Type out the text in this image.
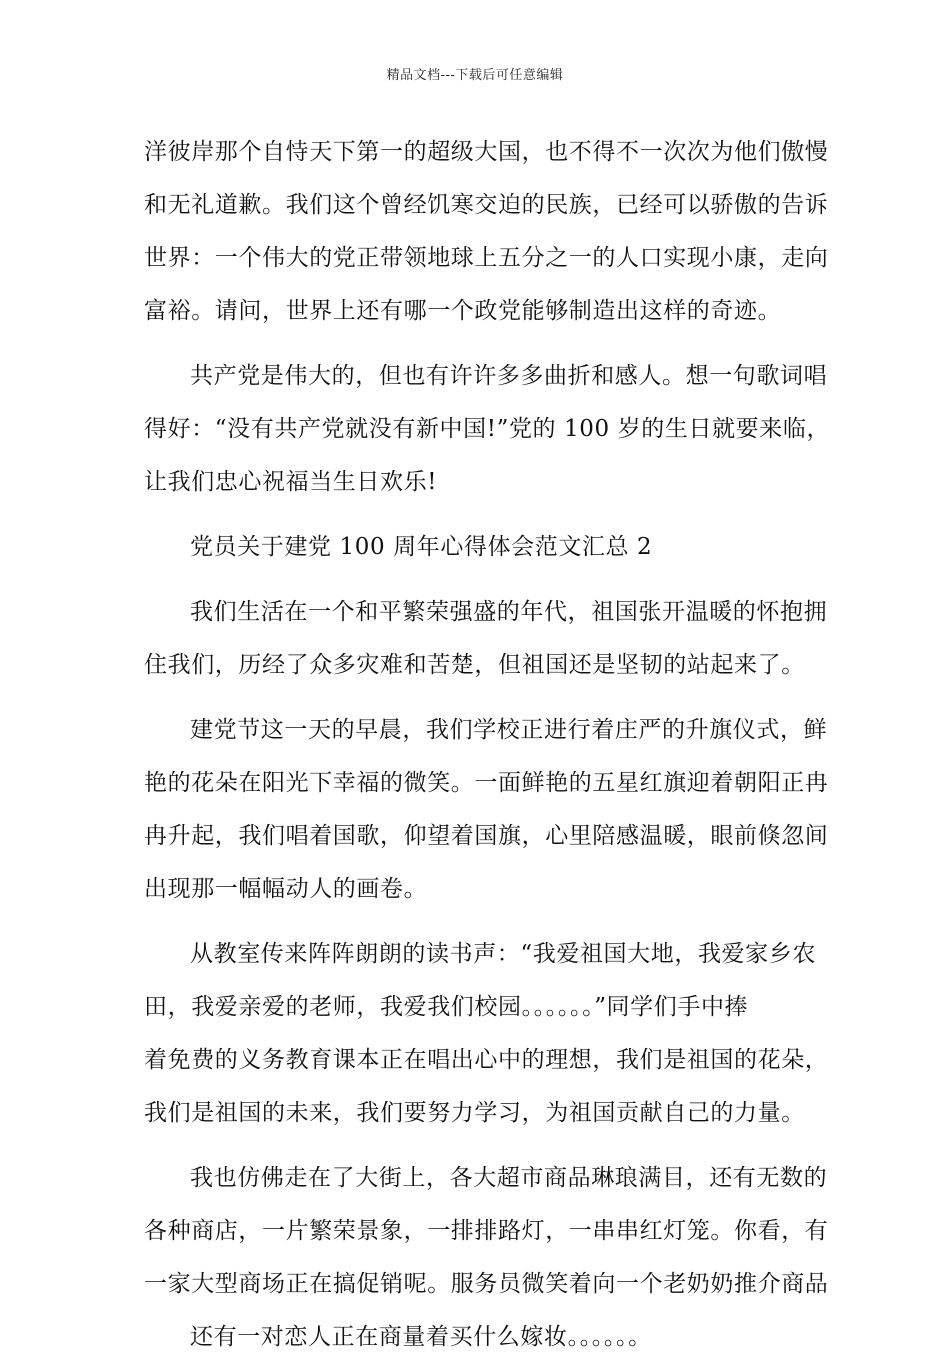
精品文档---下载后可任意编辑
洋彼岸那个自恃天下第一的超级大国，也不得不一次次为他们傲慢
和无礼道歉。我们这个曾经饥寒交迫的民族，已经可以骄傲的告诉
世界：一个伟大的党正带领地球上五分之一的人口实现小康，走向
富裕。请问，世界上还有哪一个政党能够制造出这样的奇迹。
共产党是伟大的，但也有许许多多曲折和感人。想一句歌词唱
得好：“没有共产党就没有新中国!”党的 100 岁的生日就要来临，
让我们忠心祝福当生日欢乐!
党员关于建党 100 周年心得体会范文汇总 2
我们生活在一个和平繁荣强盛的年代，祖国张开温暖的怀抱拥
住我们，历经了众多灾难和苦楚，但祖国还是坚韧的站起来了。
建党节这一天的早晨，我们学校正进行着庄严的升旗仪式，鲜
艳的花朵在阳光下幸福的微笑。一面鲜艳的五星红旗迎着朝阳正冉
冉升起，我们唱着国歌，仰望着国旗，心里陪感温暖，眼前倏忽间
出现那一幅幅动人的画卷。
从教室传来阵阵朗朗的读书声：“我爱祖国大地，我爱家乡农
田，我爱亲爱的老师，我爱我们校园。。。。。。”同学们手中捧
着免费的义务教育课本正在唱出心中的理想，我们是祖国的花朵，
我们是祖国的未来，我们要努力学习，为祖国贡献自己的力量。
我也仿佛走在了大街上，各大超市商品琳琅满目，还有无数的
各种商店，一片繁荣景象，一排排路灯，一串串红灯笼。你看，有
一家大型商场正在搞促销呢。服务员微笑着向一个老奶奶推介商品
还有一对恋人正在商量着买什么嫁妆。。。。。。
